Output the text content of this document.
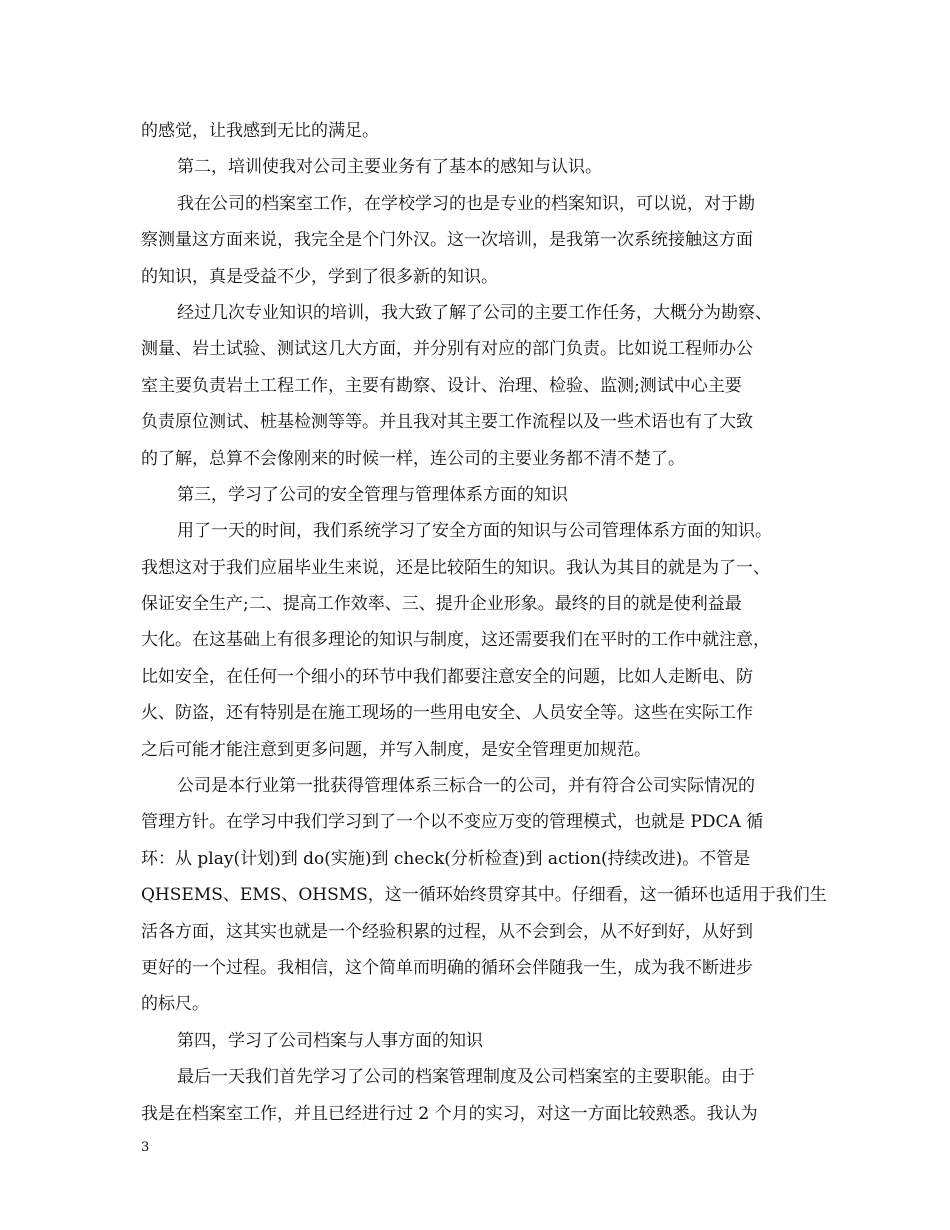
的感觉，让我感到无比的满足。
第二，培训使我对公司主要业务有了基本的感知与认识。
我在公司的档案室工作，在学校学习的也是专业的档案知识，可以说，对于勘
察测量这方面来说，我完全是个门外汉。这一次培训，是我第一次系统接触这方面
的知识，真是受益不少，学到了很多新的知识。
经过几次专业知识的培训，我大致了解了公司的主要工作任务，大概分为勘察、
测量、岩土试验、测试这几大方面，并分别有对应的部门负责。比如说工程师办公
室主要负责岩土工程工作，主要有勘察、设计、治理、检验、监测;测试中心主要
负责原位测试、桩基检测等等。并且我对其主要工作流程以及一些术语也有了大致
的了解，总算不会像刚来的时候一样，连公司的主要业务都不清不楚了。
第三，学习了公司的安全管理与管理体系方面的知识
用了一天的时间，我们系统学习了安全方面的知识与公司管理体系方面的知识。
我想这对于我们应届毕业生来说，还是比较陌生的知识。我认为其目的就是为了一、
保证安全生产;二、提高工作效率、三、提升企业形象。最终的目的就是使利益最
大化。在这基础上有很多理论的知识与制度，这还需要我们在平时的工作中就注意，
比如安全，在任何一个细小的环节中我们都要注意安全的问题，比如人走断电、防
火、防盗，还有特别是在施工现场的一些用电安全、人员安全等。这些在实际工作
之后可能才能注意到更多问题，并写入制度，是安全管理更加规范。
公司是本行业第一批获得管理体系三标合一的公司，并有符合公司实际情况的
管理方针。在学习中我们学习到了一个以不变应万变的管理模式，也就是 PDCA 循
环：从 play(计划)到 do(实施)到 check(分析检查)到 action(持续改进)。不管是
QHSEMS、EMS、OHSMS，这一循环始终贯穿其中。仔细看，这一循环也适用于我们生
活各方面，这其实也就是一个经验积累的过程，从不会到会，从不好到好，从好到
更好的一个过程。我相信，这个简单而明确的循环会伴随我一生，成为我不断进步
的标尺。
第四，学习了公司档案与人事方面的知识
最后一天我们首先学习了公司的档案管理制度及公司档案室的主要职能。由于
我是在档案室工作，并且已经进行过 2 个月的实习，对这一方面比较熟悉。我认为
3
